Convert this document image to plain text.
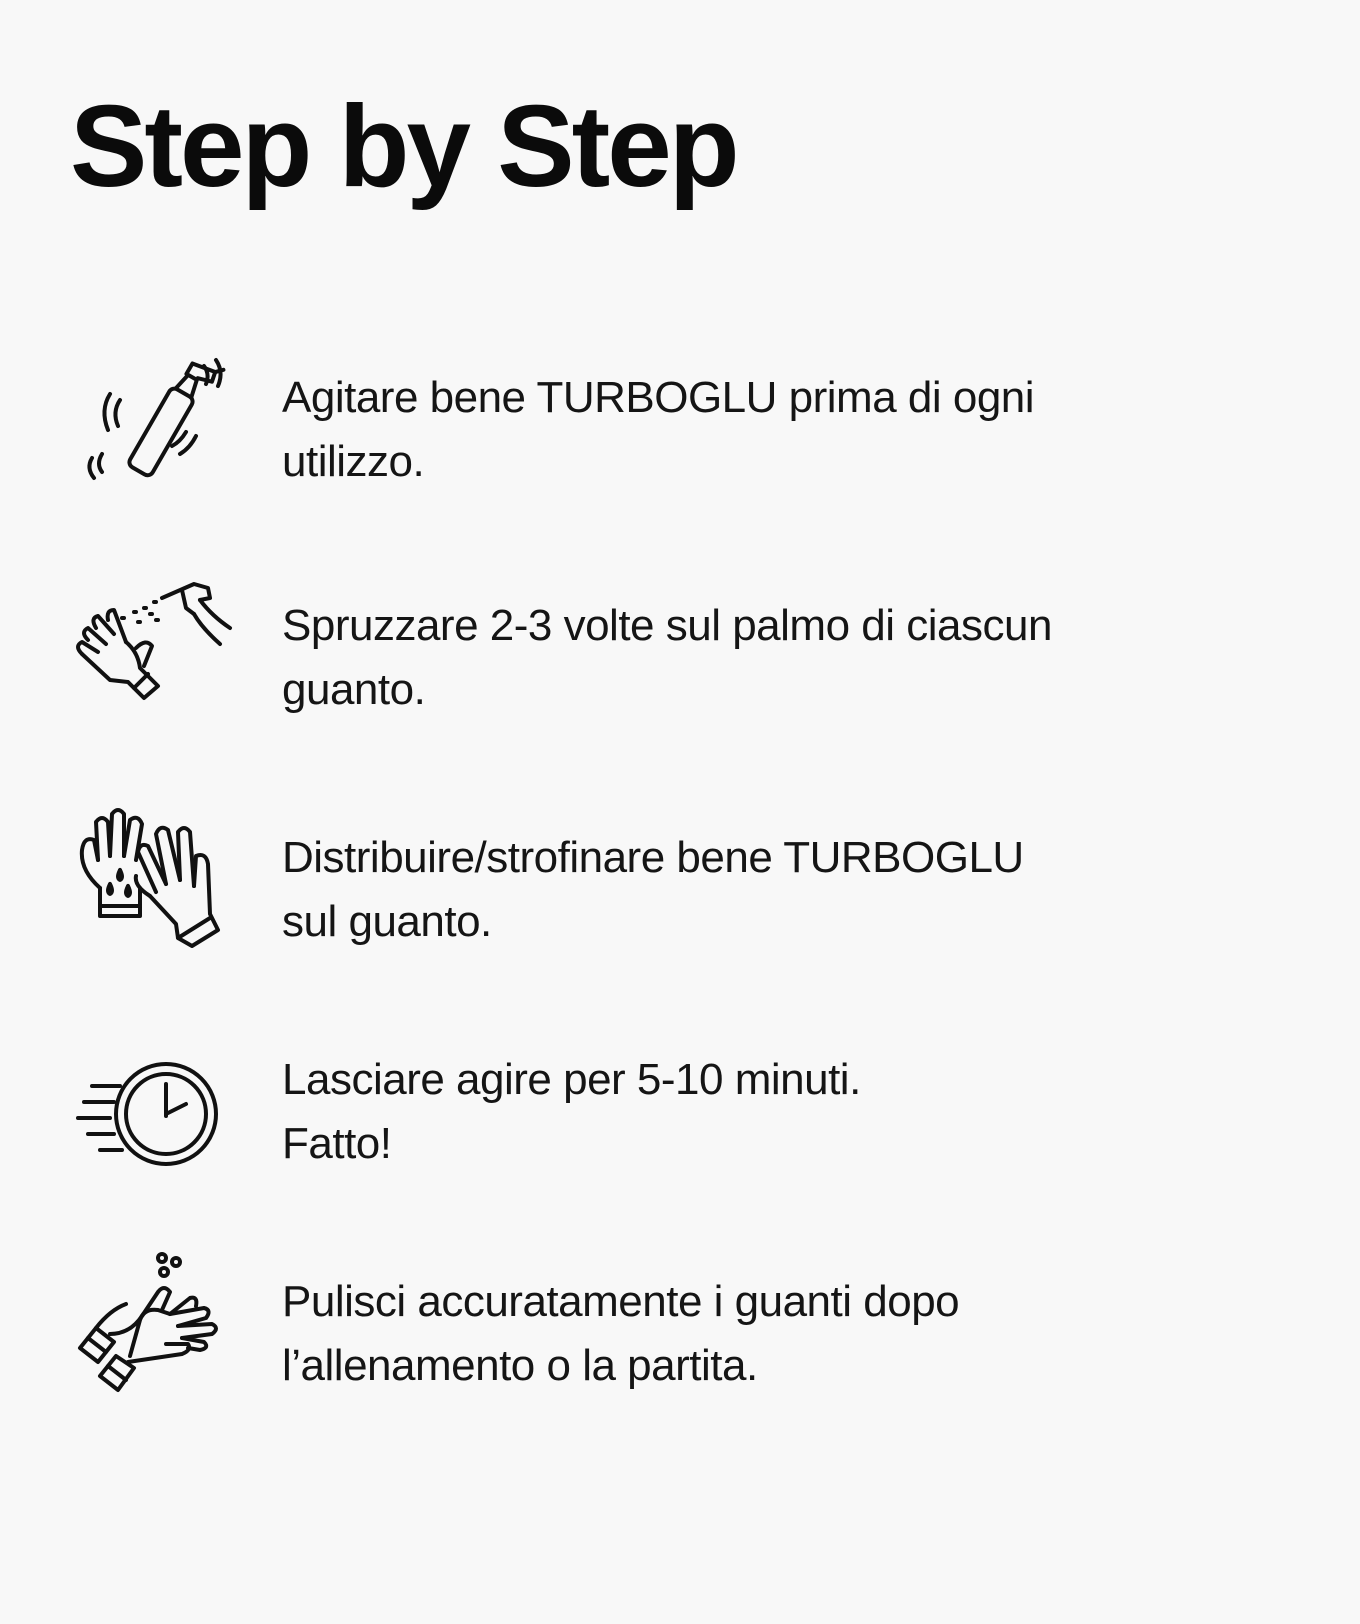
Step by Step

Agitare bene TURBOGLU prima di ogni
utilizzo.

Spruzzare 2-3 volte sul palmo di ciascun
guanto.

Distribuire/strofinare bene TURBOGLU
sul guanto.

Lasciare agire per 5-10 minuti.
Fatto!

Pulisci accuratamente i guanti dopo
l’allenamento o la partita.
